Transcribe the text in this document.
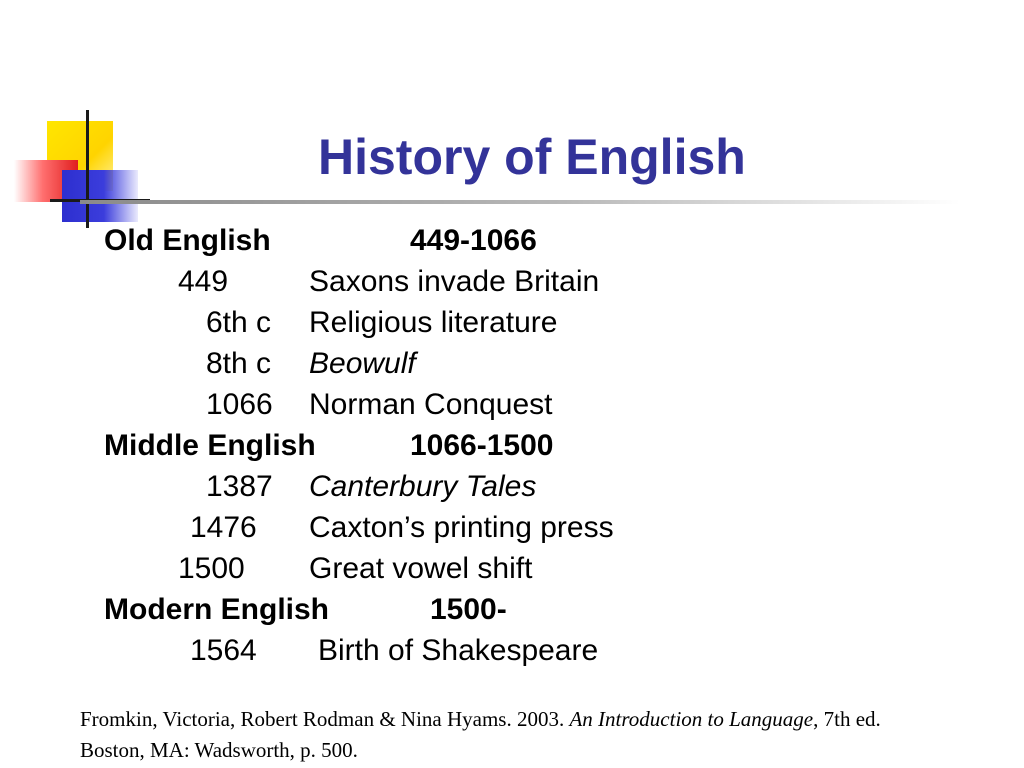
History of English
Old English	449-1066
449	Saxons invade Britain
6th c Religious literature
8th c Beowulf
1066 Norman Conquest
Middle English	1066-1500
1387 Canterbury Tales
1476 Caxton’s printing press
1500 Great vowel shift
Modern English	1500-
1564 Birth of Shakespeare
Fromkin, Victoria, Robert Rodman & Nina Hyams. 2003. An Introduction to Language, 7th ed. Boston, MA: Wadsworth, p. 500.
